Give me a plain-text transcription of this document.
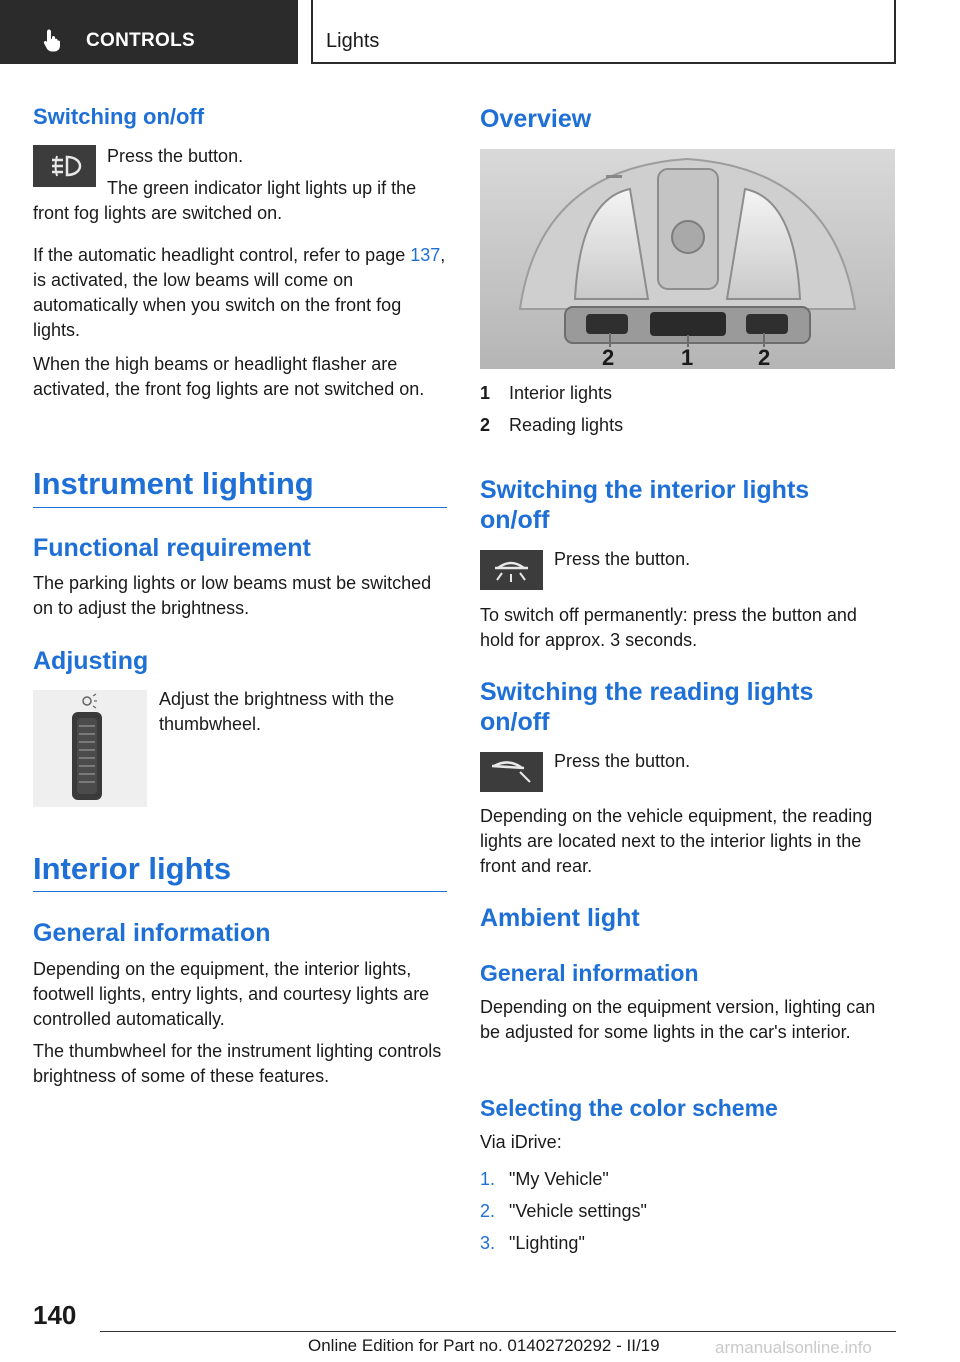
CONTROLS	Lights
Switching on/off

Press the button.

The green indicator light lights up if the front fog lights are switched on.

If the automatic headlight control, refer to page 137, is activated, the low beams will come on automatically when you switch on the front fog lights.

When the high beams or headlight flasher are activated, the front fog lights are not switched on.

Instrument lighting
Functional requirement

The parking lights or low beams must be switched on to adjust the brightness.

Adjusting

Adjust the brightness with the thumbwheel.

Interior lights
General information

Depending on the equipment, the interior lights, footwell lights, entry lights, and courtesy lights are controlled automatically.

The thumbwheel for the instrument lighting controls brightness of some of these features.

Overview
2	1	2
1 Interior lights
2 Reading lights
Switching the interior lights
on/off

Press the button.

To switch off permanently: press the button and hold for approx. 3 seconds.

Switching the reading lights
on/off

Press the button.

Depending on the vehicle equipment, the reading lights are located next to the interior lights in the front and rear.

Ambient light
General information

Depending on the equipment version, lighting can be adjusted for some lights in the car's interior.

Selecting the color scheme

Via iDrive:

1. "My Vehicle"
2. "Vehicle settings"
3. "Lighting"
140
Online Edition for Part no. 01402720292 - II/19	armanualsonline.info
